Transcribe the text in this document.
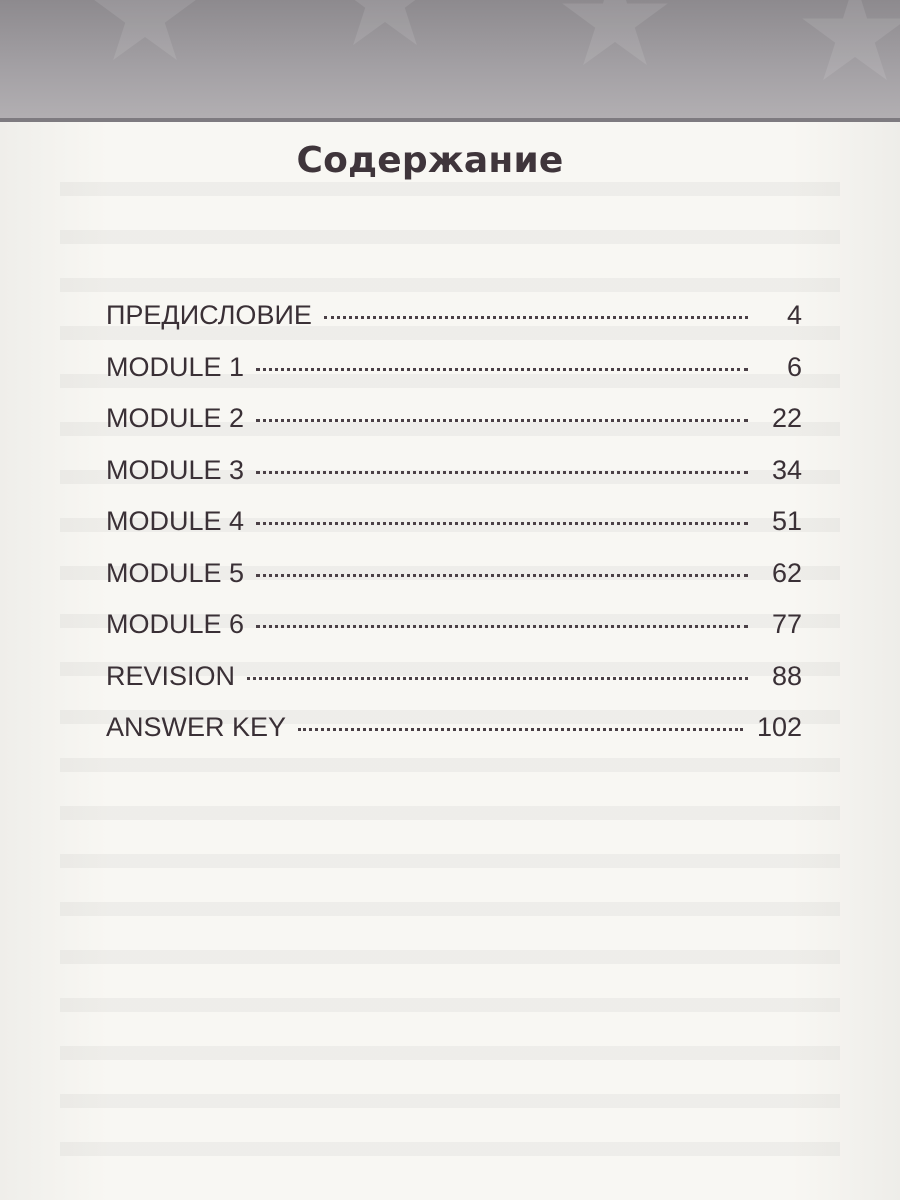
Содержание
ПРЕДИСЛОВИЕ	4
MODULE 1	6
MODULE 2	22
MODULE 3	34
MODULE 4	51
MODULE 5	62
MODULE 6	77
REVISION	88
ANSWER KEY	102
